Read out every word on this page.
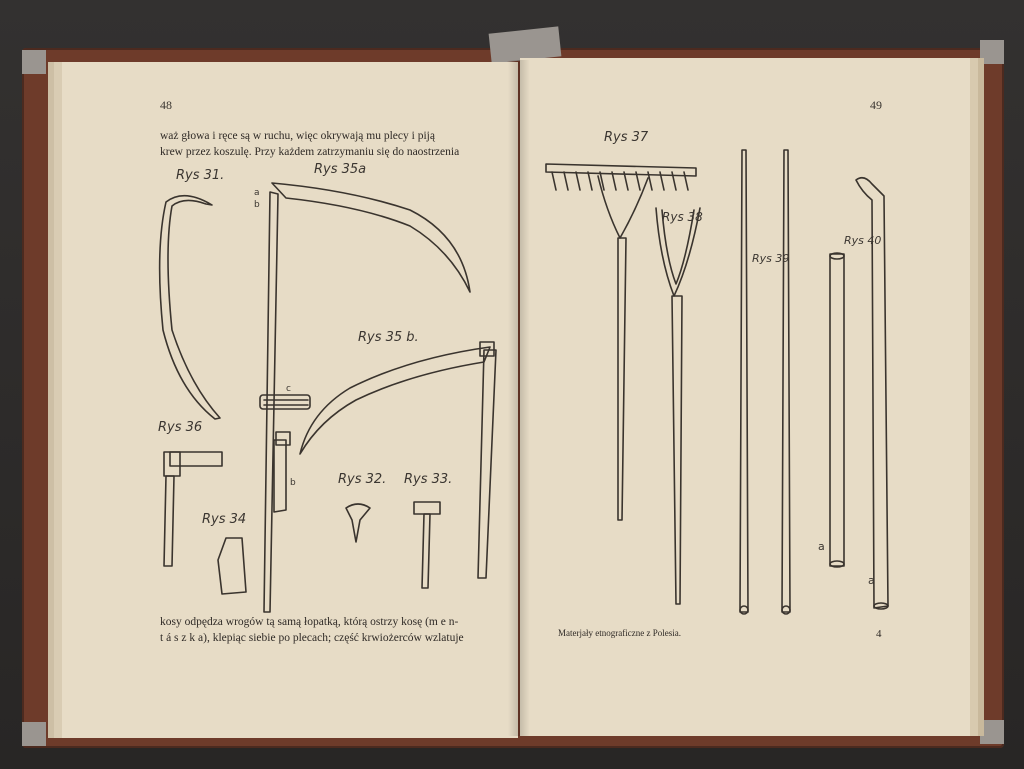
48
waż głowa i ręce są w ruchu, więc okrywają mu plecy i piją
krew przez koszulę. Przy każdem zatrzymaniu się do naostrzenia
kosy odpędza wrogów tą samą łopatką, którą ostrzy kosę (m e n-
t á s z k a), klepiąc siebie po plecach; część krwiożerców wzlatuje
49
Materjały etnograficzne z Polesia.	4
Rys 31.	Rys 35a
Rys 35 b.
Rys 36
Rys 34
Rys 32. Rys 33.
a
b
c
b
Rys 37
Rys 38
Rys 39
Rys 40
a
a
